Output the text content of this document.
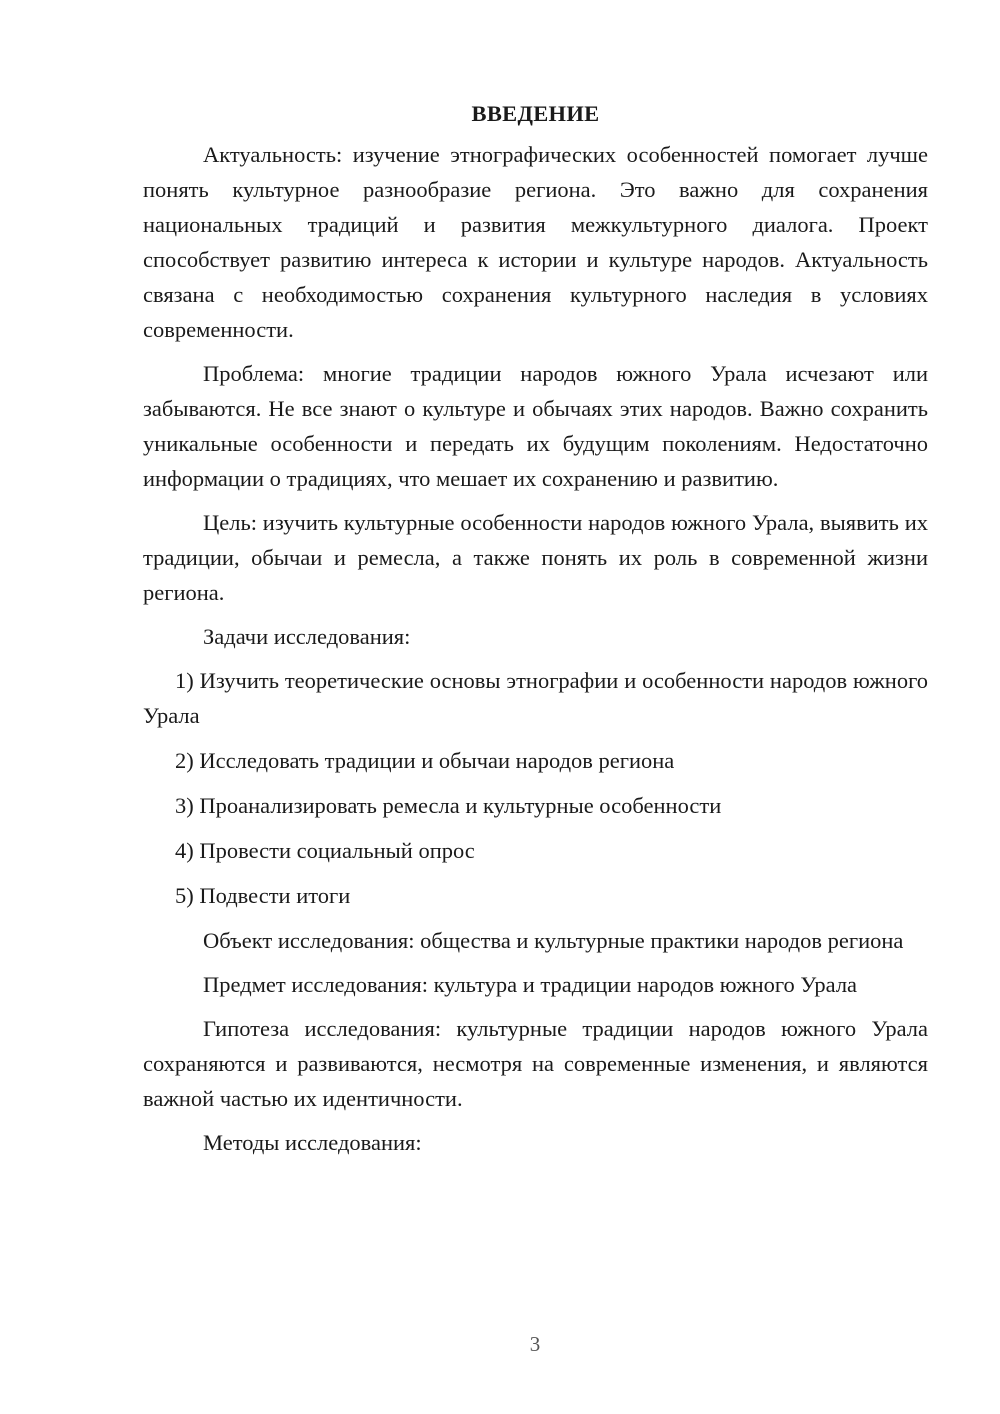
ВВЕДЕНИЕ

Актуальность: изучение этнографических особенностей помогает лучше понять культурное разнообразие региона. Это важно для сохранения национальных традиций и развития межкультурного диалога. Проект способствует развитию интереса к истории и культуре народов. Актуальность связана с необходимостью сохранения культурного наследия в условиях современности.

Проблема: многие традиции народов южного Урала исчезают или забываются. Не все знают о культуре и обычаях этих народов. Важно сохранить уникальные особенности и передать их будущим поколениям. Недостаточно информации о традициях, что мешает их сохранению и развитию.

Цель: изучить культурные особенности народов южного Урала, выявить их традиции, обычаи и ремесла, а также понять их роль в современной жизни региона.

Задачи исследования:

1) Изучить теоретические основы этнографии и особенности народов южного Урала

2) Исследовать традиции и обычаи народов региона

3) Проанализировать ремесла и культурные особенности

4) Провести социальный опрос

5) Подвести итоги

Объект исследования: общества и культурные практики народов региона

Предмет исследования: культура и традиции народов южного Урала

Гипотеза исследования: культурные традиции народов южного Урала сохраняются и развиваются, несмотря на современные изменения, и являются важной частью их идентичности.

Методы исследования:

3
